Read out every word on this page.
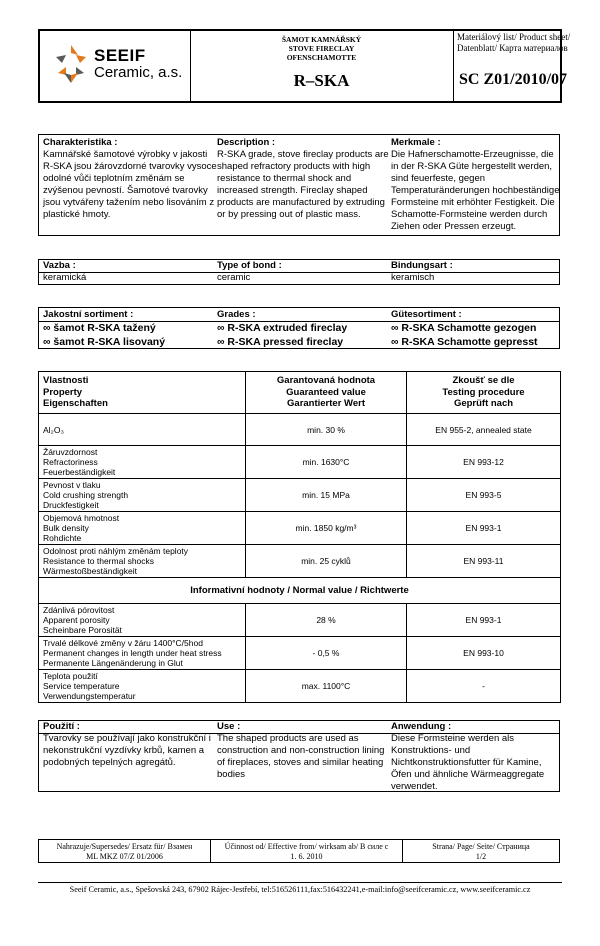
SEEIF
Ceramic, a.s.
ŠAMOT KAMNÁŘSKÝ
STOVE FIRECLAY
OFENSCHAMOTTE
R–SKA
Materiálový list/ Product sheet/
Datenblatt/ Карта материалов
SC Z01/2010/07
Charakteristika :
Kamnářské šamotové výrobky v jakosti R-SKA jsou žárovzdorné tvarovky vysoce odolné vůči teplotním změnám se zvýšenou pevností. Šamotové tvarovky jsou vytvářeny tažením nebo lisováním z plastické hmoty.
Description :
R-SKA grade, stove fireclay products are shaped refractory products with high resistance to thermal shock and increased strength. Fireclay shaped products are manufactured by extruding or by pressing out of plastic mass.
Merkmale :
Die Hafnerschamotte-Erzeugnisse, die in der R-SKA Güte hergestellt werden, sind feuerfeste, gegen Temperaturänderungen hochbeständige Formsteine mit erhöhter Festigkeit. Die Schamotte-Formsteine werden durch Ziehen oder Pressen erzeugt.
Vazba :
keramická
Type of bond :
ceramic
Bindungsart :
keramisch
Jakostní sortiment :
∞ šamot R-SKA tažený
∞ šamot R-SKA lisovaný
Grades :
∞ R-SKA extruded fireclay
∞ R-SKA pressed fireclay
Gütesortiment :
∞ R-SKA Schamotte gezogen
∞ R-SKA Schamotte gepresst
Vlastnosti
Property
Eigenschaften	Garantovaná hodnota
Guaranteed value
Garantierter Wert	Zkoušť se dle
Testing procedure
Geprüft nach

Al₂O₃	min. 30 %	EN 955-2, annealed state

Žáruvzdornost
Refractoriness
Feuerbeständigkeit	min. 1630°C	EN 993-12

Pevnost v tlaku
Cold crushing strength
Druckfestigkeit	min. 15 MPa	EN 993-5

Objemová hmotnost
Bulk density
Rohdichte	min. 1850 kg/m³	EN 993-1

Odolnost proti náhlým změnám teploty
Resistance to thermal shocks
Wärmestoßbeständigkeit	min. 25 cyklů	EN 993-11
Informativní hodnoty / Normal value / Richtwerte		

Zdánlivá pórovitost
Apparent porosity
Scheinbare Porosität	28 %	EN 993-1

Trvalé délkové změny v žáru 1400°C/5hod
Permanent changes in length under heat stress
Permanente Längenänderung in Glut	- 0,5 %	EN 993-10

Teplota použití
Service temperature
Verwendungstemperatur	max. 1100°C	-
Použití :
Tvarovky se používají jako konstrukční i nekonstrukční vyzdívky krbů, kamen a podobných tepelných agregátů.
Use :
The shaped products are used as construction and non-construction lining of fireplaces, stoves and similar heating bodies
Anwendung :
Diese Formsteine werden als Konstruktions- und Nichtkonstruktionsfutter für Kamine, Öfen und ähnliche Wärmeaggregate verwendet.
Nahrazuje/Supersedes/ Ersatz für/ Взамен
ML MKZ 07/Z 01/2006
Účinnost od/ Effective from/ wirksam ab/ В силе с
1. 6. 2010
Strana/ Page/ Seite/ Страница
1/2
Seeif Ceramic, a.s., Spešovská 243, 67902 Rájec-Jestřebí, tel:516526111,fax:516432241,e-mail:info@seeifceramic.cz, www.seeifceramic.cz
